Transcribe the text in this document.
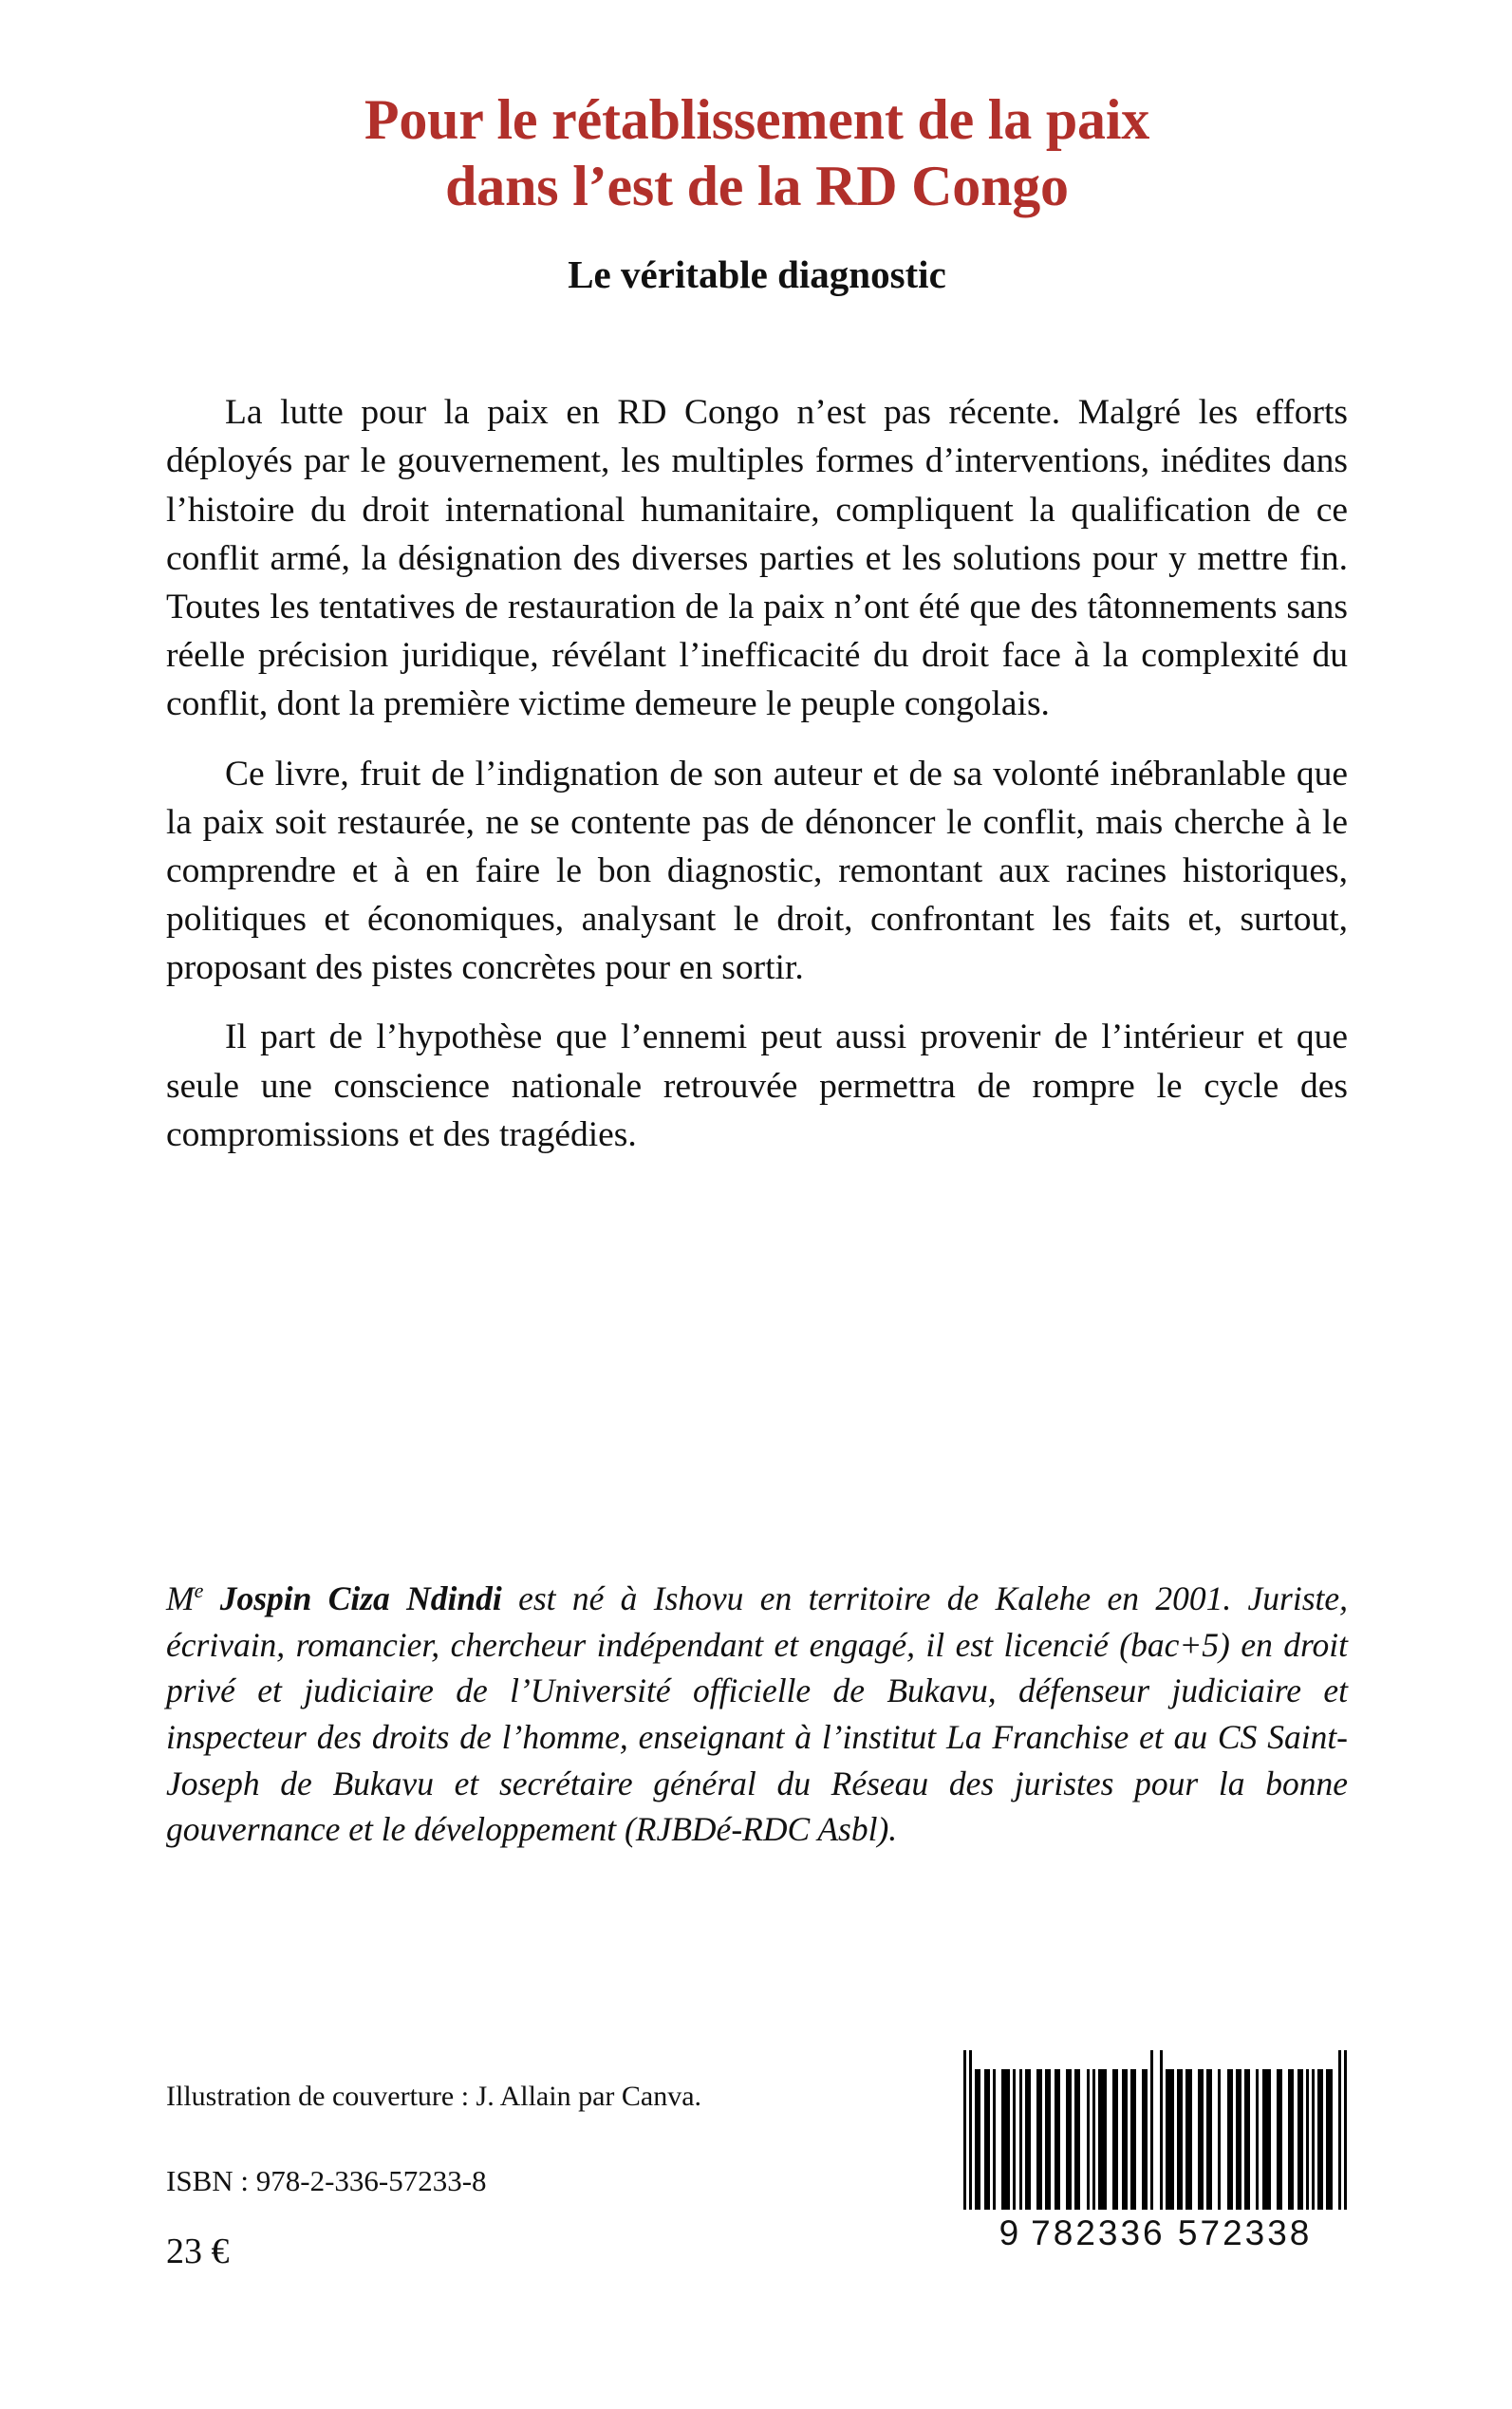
Pour le rétablissement de la paix
dans l’est de la RD Congo
Le véritable diagnostic

La lutte pour la paix en RD Congo n’est pas récente. Malgré les efforts déployés par le gouvernement, les multiples formes d’interventions, inédites dans l’histoire du droit international humanitaire, compliquent la qualification de ce conflit armé, la désignation des diverses parties et les solutions pour y mettre fin. Toutes les tentatives de restauration de la paix n’ont été que des tâtonnements sans réelle précision juridique, révélant l’inefficacité du droit face à la complexité du conflit, dont la première victime demeure le peuple congolais.

Ce livre, fruit de l’indignation de son auteur et de sa volonté inébranlable que la paix soit restaurée, ne se contente pas de dénoncer le conflit, mais cherche à le comprendre et à en faire le bon diagnostic, remontant aux racines historiques, politiques et économiques, analysant le droit, confrontant les faits et, surtout, proposant des pistes concrètes pour en sortir.

Il part de l’hypothèse que l’ennemi peut aussi provenir de l’intérieur et que seule une conscience nationale retrouvée permettra de rompre le cycle des compromissions et des tragédies.

Me Jospin Ciza Ndindi est né à Ishovu en territoire de Kalehe en 2001. Juriste, écrivain, romancier, chercheur indépendant et engagé, il est licencié (bac+5) en droit privé et judiciaire de l’Université officielle de Bukavu, défenseur judiciaire et inspecteur des droits de l’homme, enseignant à l’institut La Franchise et au CS Saint-Joseph de Bukavu et secrétaire général du Réseau des juristes pour la bonne gouvernance et le développement (RJBDé-RDC Asbl).

Illustration de couverture : J. Allain par Canva.

ISBN : 978-2-336-57233-8

23 €	9 782336 572338
